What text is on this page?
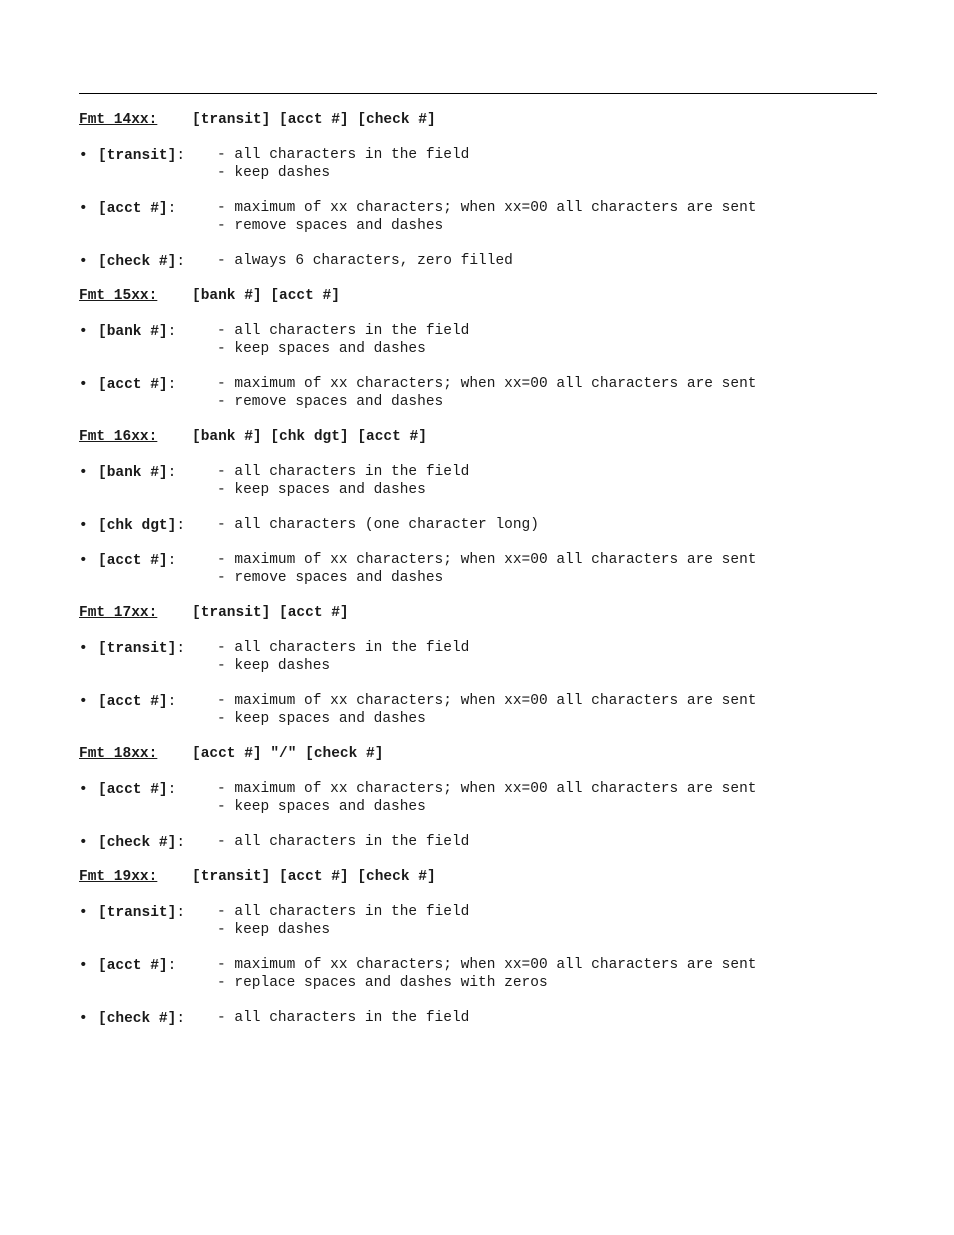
Fmt 14xx: [transit] [acct #] [check #]
• [transit]: - all characters in the field
- keep dashes
• [acct #]:	- maximum of xx characters; when xx=00 all characters are sent
- remove spaces and dashes
• [check #]: - always 6 characters, zero filled
Fmt 15xx: [bank #] [acct #]
• [bank #]:	- all characters in the field
- keep spaces and dashes
• [acct #]:	- maximum of xx characters; when xx=00 all characters are sent
- remove spaces and dashes
Fmt 16xx: [bank #] [chk dgt] [acct #]
• [bank #]:	- all characters in the field
- keep spaces and dashes
• [chk dgt]: - all characters (one character long)
• [acct #]:	- maximum of xx characters; when xx=00 all characters are sent
- remove spaces and dashes
Fmt 17xx: [transit] [acct #]
• [transit]: - all characters in the field
- keep dashes
• [acct #]:	- maximum of xx characters; when xx=00 all characters are sent
- keep spaces and dashes
Fmt 18xx: [acct #] "/" [check #]
• [acct #]:	- maximum of xx characters; when xx=00 all characters are sent
- keep spaces and dashes
• [check #]: - all characters in the field
Fmt 19xx: [transit] [acct #] [check #]
• [transit]: - all characters in the field
- keep dashes
• [acct #]:	- maximum of xx characters; when xx=00 all characters are sent
- replace spaces and dashes with zeros
• [check #]: - all characters in the field
